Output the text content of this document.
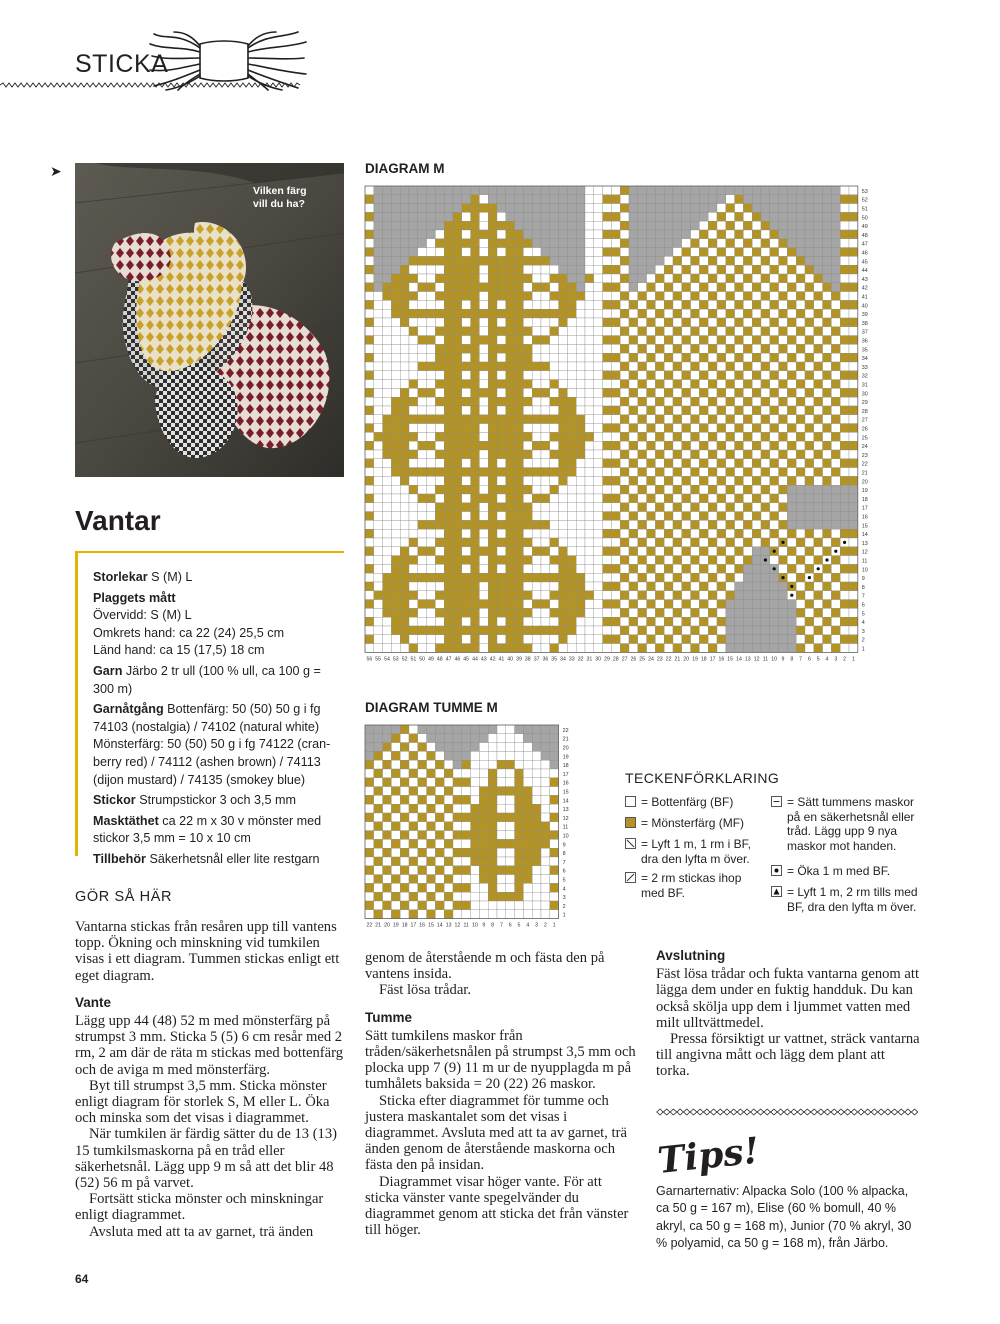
STICKA
➤
Vilken färg vill du ha?
Vantar

Storlekar S (M) L

Plaggets mått
Övervidd: S (M) L
Omkrets hand: ca 22 (24) 25,5 cm
Länd hand: ca 15 (17,5) 18 cm

Garn Järbo 2 tr ull (100 % ull, ca 100 g = 300 m)

Garnåtgång Bottenfärg: 50 (50) 50 g i fg 74103 (nostalgia) / 74102 (natural white) Mönsterfärg: 50 (50) 50 g i fg 74122 (cran-berry red) / 74112 (ashen brown) / 74113 (dijon mustard) / 74135 (smokey blue)

Stickor Strumpstickor 3 och 3,5 mm

Masktäthet ca 22 m x 30 v mönster med stickor 3,5 mm = 10 x 10 cm

Tillbehör Säkerhetsnål eller lite restgarn

GÖR SÅ HÄR

Vantarna stickas från resåren upp till vantens topp. Ökning och minskning vid tumkilen visas i ett diagram. Tummen stickas enligt ett eget diagram.

Vante

Lägg upp 44 (48) 52 m med mönsterfärg på strumpst 3 mm. Sticka 5 (5) 6 cm resår med 2 rm, 2 am där de räta m stickas med bottenfärg och de aviga m med mönsterfärg.

Byt till strumpst 3,5 mm. Sticka mönster enligt diagram för storlek S, M eller L. Öka och minska som det visas i diagrammet.

När tumkilen är färdig sätter du de 13 (13) 15 tumkilsmaskorna på en tråd eller säkerhetsnål. Lägg upp 9 m så att det blir 48 (52) 56 m på varvet.

Fortsätt sticka mönster och minskningar enligt diagrammet.

Avsluta med att ta av garnet, trä änden

genom de återstående m och fästa den på vantens insida.

Fäst lösa trådar.

Tumme

Sätt tumkilens maskor från tråden/säkerhetsnålen på strumpst 3,5 mm och plocka upp 7 (9) 11 m ur de nyupplagda m på tumhålets baksida = 20 (22) 26 maskor.

Sticka efter diagrammet för tumme och justera maskantalet som det visas i diagrammet. Avsluta med att ta av garnet, trä änden genom de återstående maskorna och fästa den på insidan.

Diagrammet visar höger vante. För att sticka vänster vante spegelvänder du diagrammet genom att sticka det från vänster till höger.

Avslutning

Fäst lösa trådar och fukta vantarna genom att lägga dem under en fuktig handduk. Du kan också skölja upp dem i ljummet vatten med milt ulltvättmedel.

Pressa försiktigt ur vattnet, sträck vantarna till angivna mått och lägg dem plant att torka.

DIAGRAM M
1
2
3
4
5
6
7
8
9
10
11
12
13
14
15
16
17
18
19
20
21
22
23
24
25
26
27
28
29
30
31
32
33
34
35
36
37
38
39
40
41
42
43
44
45
46
47
48
49
50
51
52
53
1
2
3
4
5
6
7
8
9
10
11
12
13
14
15
16
17
18
19
20
21
22
23
24
25
26
27
28
29
30
31
32
33
34
35
36
37
38
39
40
41
42
43
44
45
46
47
48
49
50
51
52
53
54
55
56
DIAGRAM TUMME M
1
2
3
4
5
6
7
8
9
10
11
12
13
14
15
16
17
18
19
20
21
22
1
2
3
4
5
6
7
8
9
10
11
12
13
14
15
16
17
18
19
20
21
22
TECKENFÖRKLARING
= Bottenfärg (BF)
= Mönsterfärg (MF)
= Lyft 1 m, 1 rm i BF, dra den lyfta m över.
= 2 rm stickas ihop med BF.
= Sätt tummens maskor på en säkerhetsnål eller tråd. Lägg upp 9 nya maskor mot handen.
= Öka 1 m med BF.
= Lyft 1 m, 2 rm tills med BF, dra den lyfta m över.
Tips!
Garnarternativ: Alpacka Solo (100 % alpacka, ca 50 g = 167 m), Elise (60 % bomull, 40 % akryl, ca 50 g = 168 m), Junior (70 % akryl, 30 % polyamid, ca 50 g = 168 m), från Järbo.
64
